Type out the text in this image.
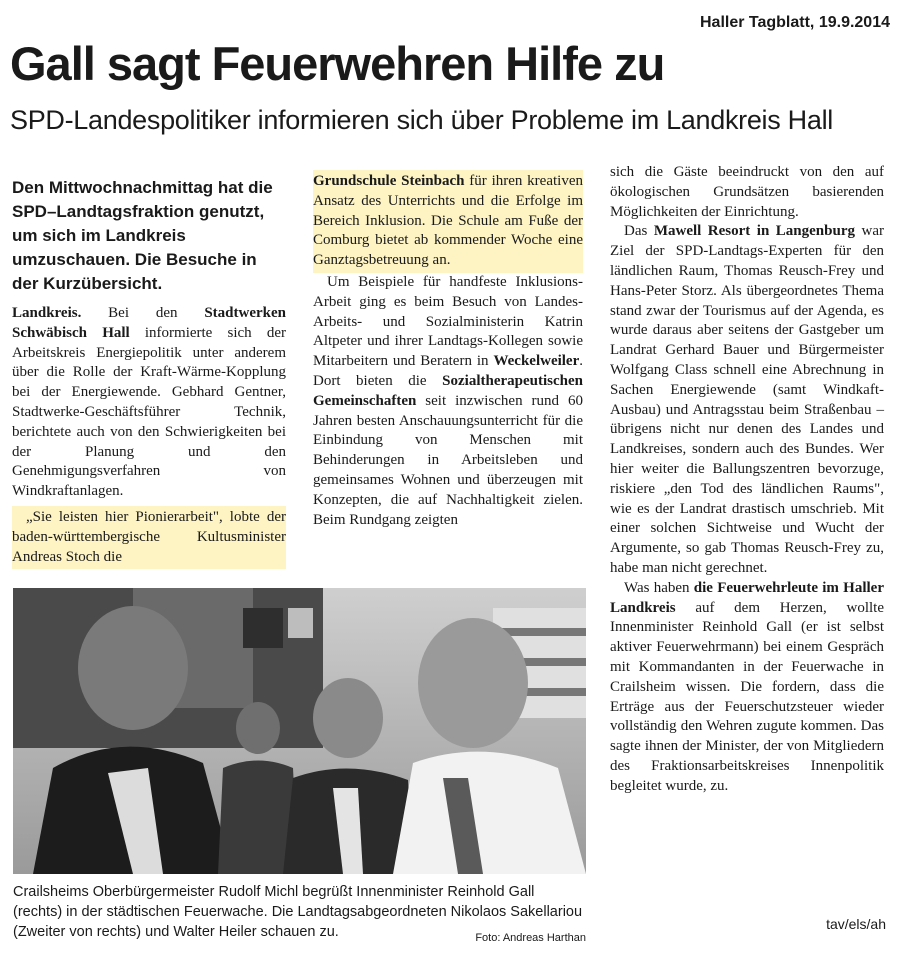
Haller Tagblatt, 19.9.2014
Gall sagt Feuerwehren Hilfe zu
SPD-Landespolitiker informieren sich über Probleme im Landkreis Hall
Den Mittwochnachmittag hat die SPD–Landtagsfraktion genutzt, um sich im Landkreis umzuschauen. Die Besuche in der Kurzübersicht.

Landkreis. Bei den Stadtwerken Schwäbisch Hall informierte sich der Arbeitskreis Energiepolitik unter anderem über die Rolle der Kraft-Wärme-Kopplung bei der Energiewende. Gebhard Gentner, Stadtwerke-Geschäftsführer Technik, berichtete auch von den Schwierigkeiten bei der Planung und den Genehmigungsverfahren von Windkraftanlagen.

„Sie leisten hier Pionierarbeit", lobte der baden-württembergische Kultusminister Andreas Stoch die

Grundschule Steinbach für ihren kreativen Ansatz des Unterrichts und die Erfolge im Bereich Inklusion. Die Schule am Fuße der Comburg bietet ab kommender Woche eine Ganztagsbetreuung an.

Um Beispiele für handfeste Inklusions-Arbeit ging es beim Besuch von Landes-Arbeits- und Sozialministerin Katrin Altpeter und ihrer Landtags-Kollegen sowie Mitarbeitern und Beratern in Weckelweiler. Dort bieten die Sozialtherapeutischen Gemeinschaften seit inzwischen rund 60 Jahren besten Anschauungsunterricht für die Einbindung von Menschen mit Behinderungen in Arbeitsleben und gemeinsames Wohnen und überzeugen mit Konzepten, die auf Nachhaltigkeit zielen. Beim Rundgang zeigten

sich die Gäste beeindruckt von den auf ökologischen Grundsätzen basierenden Möglichkeiten der Einrichtung.

Das Mawell Resort in Langenburg war Ziel der SPD-Landtags-Experten für den ländlichen Raum, Thomas Reusch-Frey und Hans-Peter Storz. Als übergeordnetes Thema stand zwar der Tourismus auf der Agenda, es wurde daraus aber seitens der Gastgeber um Landrat Gerhard Bauer und Bürgermeister Wolfgang Class schnell eine Abrechnung in Sachen Energiewende (samt Windkaft-Ausbau) und Antragsstau beim Straßenbau – übrigens nicht nur denen des Landes und Landkreises, sondern auch des Bundes. Wer hier weiter die Ballungszentren bevorzuge, riskiere „den Tod des ländlichen Raums", wie es der Landrat drastisch umschrieb. Mit einer solchen Sichtweise und Wucht der Argumente, so gab Thomas Reusch-Frey zu, habe man nicht gerechnet.

Was haben die Feuerwehrleute im Haller Landkreis auf dem Herzen, wollte Innenminister Reinhold Gall (er ist selbst aktiver Feuerwehrmann) bei einem Gespräch mit Kommandanten in der Feuerwache in Crailsheim wissen. Die fordern, dass die Erträge aus der Feuerschutzsteuer wieder vollständig den Wehren zugute kommen. Das sagte ihnen der Minister, der von Mitgliedern des Fraktionsarbeitskreises Innenpolitik begleitet wurde, zu.

Crailsheims Oberbürgermeister Rudolf Michl begrüßt Innenminister Reinhold Gall (rechts) in der städtischen Feuerwache. Die Landtagsabgeordneten Nikolaos Sakellariou (Zweiter von rechts) und Walter Heiler schauen zu.	Foto: Andreas Harthan
tav/els/ah
